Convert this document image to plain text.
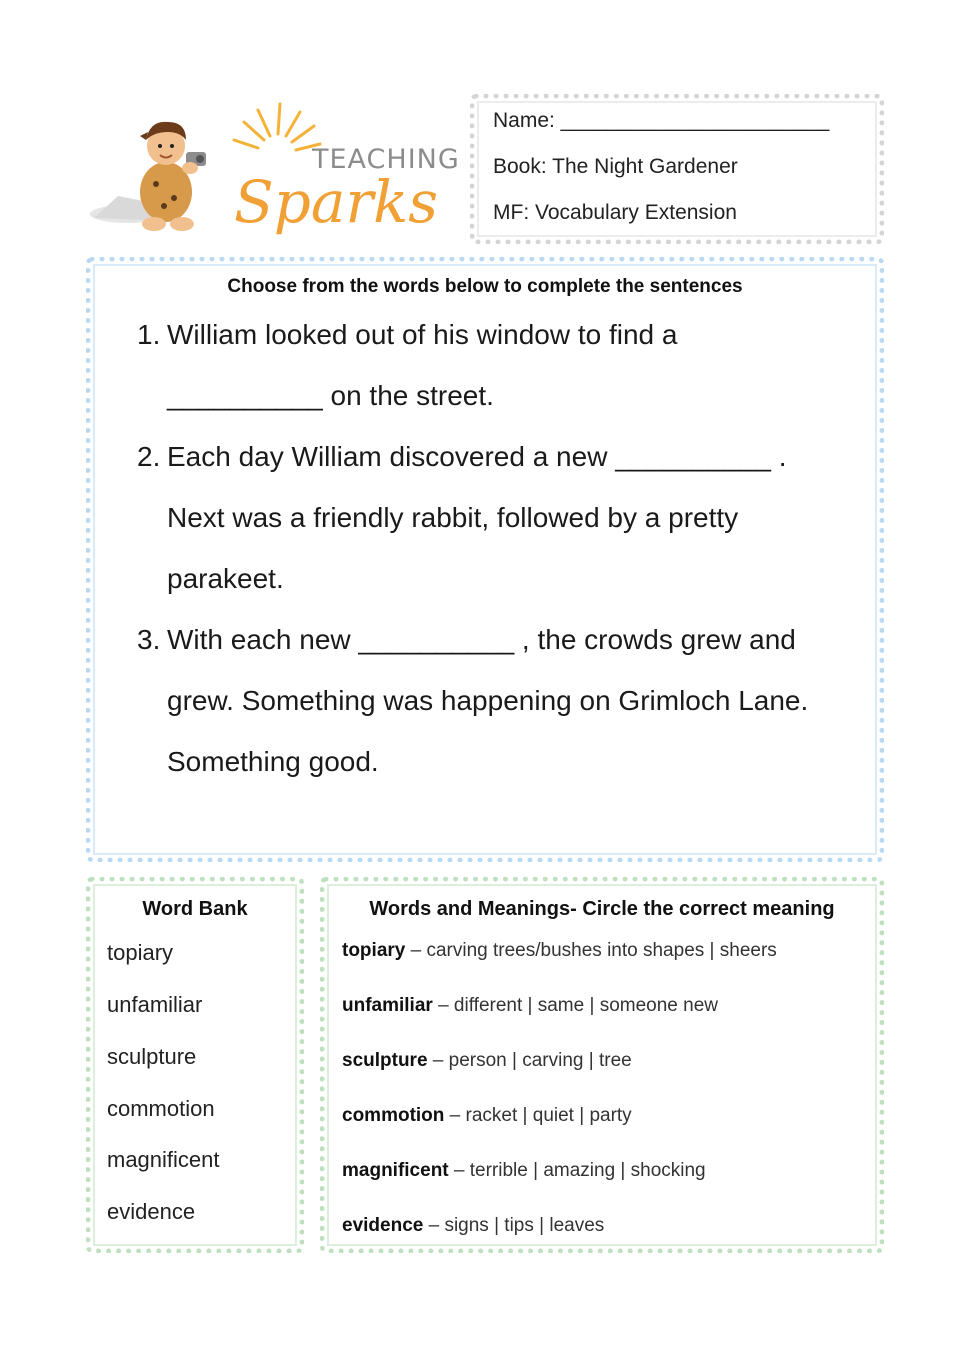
TEACHING
Sparks
Name: _______________________
Book: The Night Gardener
MF: Vocabulary Extension
Choose from the words below to complete the sentences
1. William looked out of his window to find a
__________ on the street.
2. Each day William discovered a new __________ .
Next was a friendly rabbit, followed by a pretty
parakeet.
3. With each new __________ , the crowds grew and
grew. Something was happening on Grimloch Lane.
Something good.
Word Bank
topiary
unfamiliar
sculpture
commotion
magnificent
evidence
Words and Meanings- Circle the correct meaning
topiary – carving trees/bushes into shapes | sheers
unfamiliar – different | same | someone new
sculpture – person | carving | tree
commotion – racket | quiet | party
magnificent – terrible | amazing | shocking
evidence – signs | tips | leaves
